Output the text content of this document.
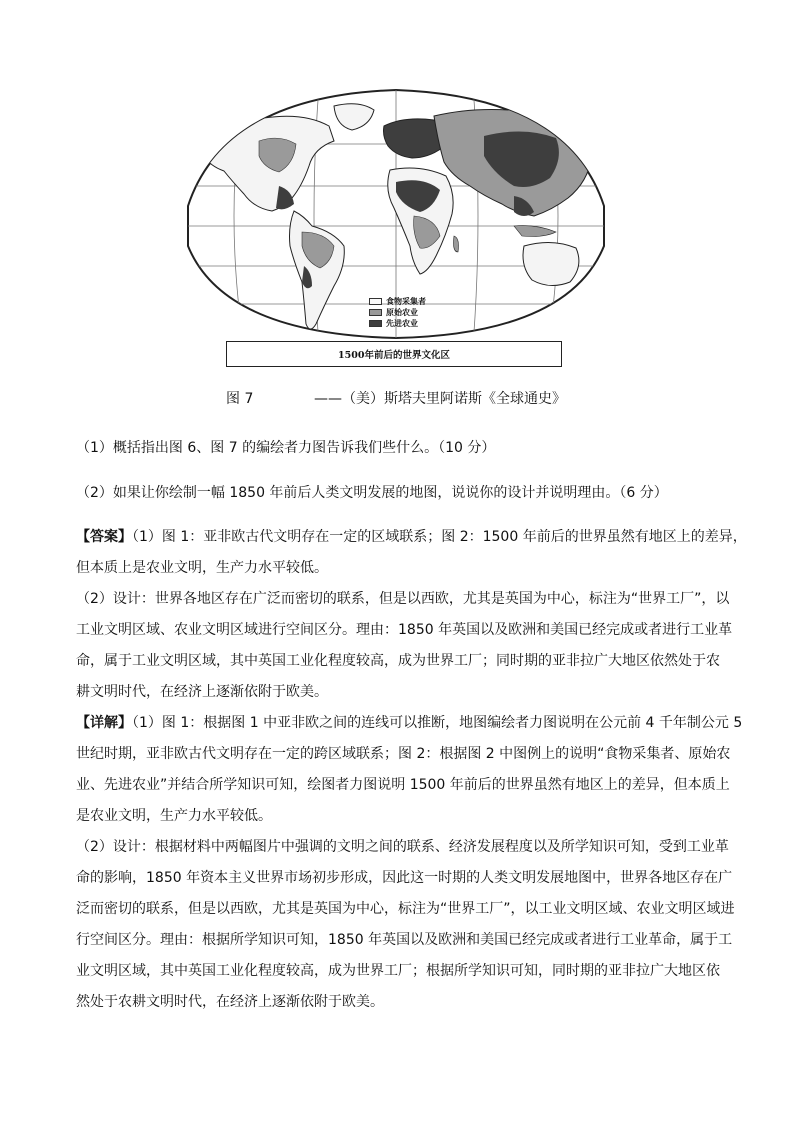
食物采集者
原始农业
先进农业
1500年前后的世界文化区
图 7	——（美）斯塔夫里阿诺斯《全球通史》
（1）概括指出图 6、图 7 的编绘者力图告诉我们些什么。（10 分）
（2）如果让你绘制一幅 1850 年前后人类文明发展的地图，说说你的设计并说明理由。（6 分）
【答案】（1）图 1：亚非欧古代文明存在一定的区域联系；图 2：1500 年前后的世界虽然有地区上的差异，
但本质上是农业文明，生产力水平较低。
（2）设计：世界各地区存在广泛而密切的联系，但是以西欧，尤其是英国为中心，标注为“世界工厂”，以
工业文明区域、农业文明区域进行空间区分。理由：1850 年英国以及欧洲和美国已经完成或者进行工业革
命，属于工业文明区域，其中英国工业化程度较高，成为世界工厂；同时期的亚非拉广大地区依然处于农
耕文明时代，在经济上逐渐依附于欧美。
【详解】（1）图 1：根据图 1 中亚非欧之间的连线可以推断，地图编绘者力图说明在公元前 4 千年制公元 5
世纪时期，亚非欧古代文明存在一定的跨区域联系；图 2：根据图 2 中图例上的说明“食物采集者、原始农
业、先进农业”并结合所学知识可知，绘图者力图说明 1500 年前后的世界虽然有地区上的差异，但本质上
是农业文明，生产力水平较低。
（2）设计：根据材料中两幅图片中强调的文明之间的联系、经济发展程度以及所学知识可知，受到工业革
命的影响，1850 年资本主义世界市场初步形成，因此这一时期的人类文明发展地图中，世界各地区存在广
泛而密切的联系，但是以西欧，尤其是英国为中心，标注为“世界工厂”，以工业文明区域、农业文明区域进
行空间区分。理由：根据所学知识可知，1850 年英国以及欧洲和美国已经完成或者进行工业革命，属于工
业文明区域，其中英国工业化程度较高，成为世界工厂；根据所学知识可知，同时期的亚非拉广大地区依
然处于农耕文明时代，在经济上逐渐依附于欧美。
